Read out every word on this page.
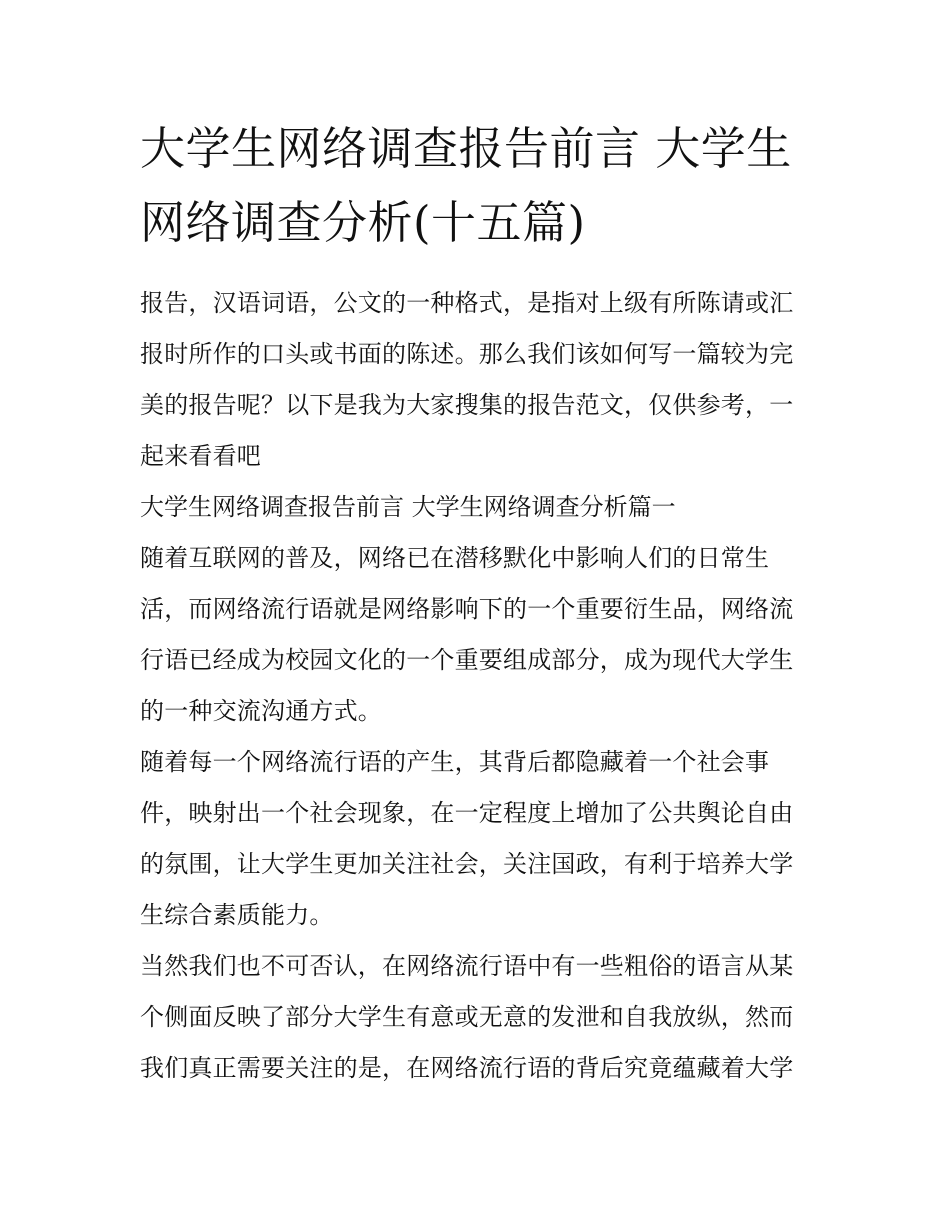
大学生网络调查报告前言 大学生网络调查分析(十五篇)

报告，汉语词语，公文的一种格式，是指对上级有所陈请或汇报时所作的口头或书面的陈述。那么我们该如何写一篇较为完美的报告呢？以下是我为大家搜集的报告范文，仅供参考，一起来看看吧

大学生网络调查报告前言 大学生网络调查分析篇一

随着互联网的普及，网络已在潜移默化中影响人们的日常生活，而网络流行语就是网络影响下的一个重要衍生品，网络流行语已经成为校园文化的一个重要组成部分，成为现代大学生的一种交流沟通方式。

随着每一个网络流行语的产生，其背后都隐藏着一个社会事件，映射出一个社会现象，在一定程度上增加了公共舆论自由的氛围，让大学生更加关注社会，关注国政，有利于培养大学生综合素质能力。

当然我们也不可否认，在网络流行语中有一些粗俗的语言从某个侧面反映了部分大学生有意或无意的发泄和自我放纵，然而我们真正需要关注的是，在网络流行语的背后究竟蕴藏着大学
